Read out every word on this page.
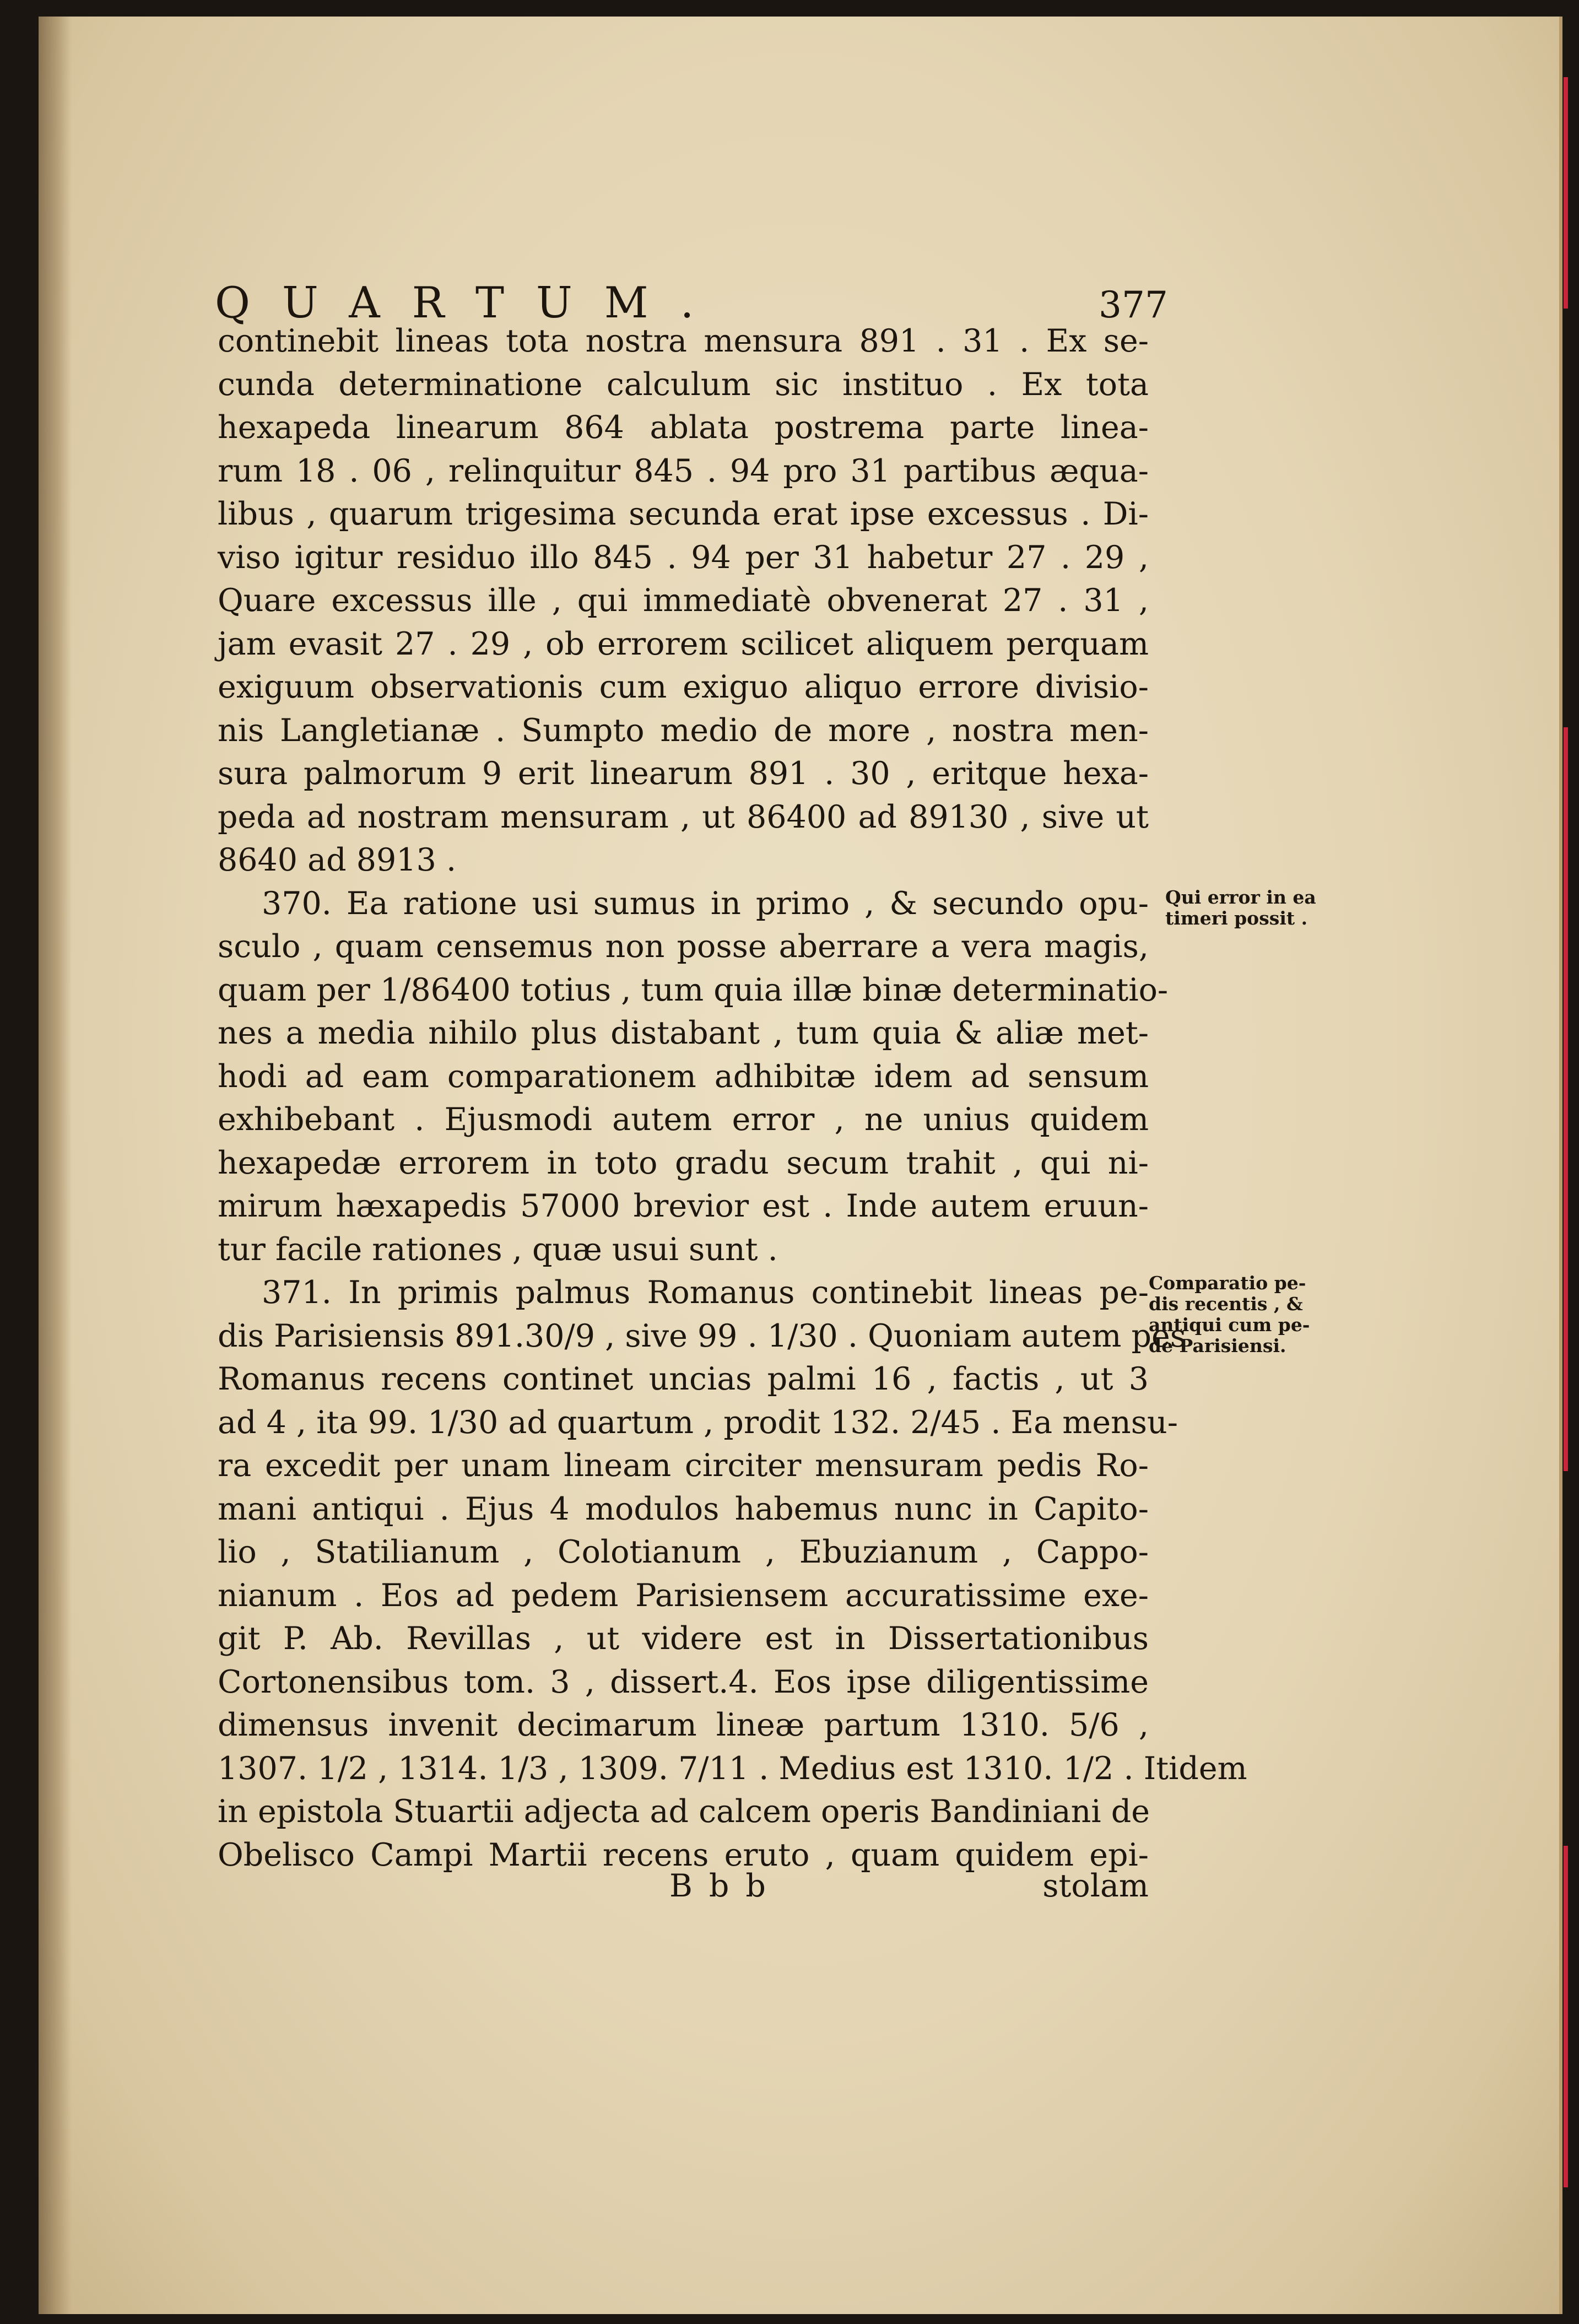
QUARTUM.	377
continebit lineas tota nostra mensura 891 . 31 . Ex se-
cunda determinatione calculum sic instituo . Ex tota
hexapeda linearum 864 ablata postrema parte linea-
rum 18 . 06 , relinquitur 845 . 94 pro 31 partibus æqua-
libus , quarum trigesima secunda erat ipse excessus . Di-
viso igitur residuo illo 845 . 94 per 31 habetur 27 . 29 ,
Quare excessus ille , qui immediatè obvenerat 27 . 31 ,
jam evasit 27 . 29 , ob errorem scilicet aliquem perquam
exiguum observationis cum exiguo aliquo errore divisio-
nis Langletianæ . Sumpto medio de more , nostra men-
sura palmorum 9 erit linearum 891 . 30 , eritque hexa-
peda ad nostram mensuram , ut 86400 ad 89130 , sive ut
8640 ad 8913 .
370. Ea ratione usi sumus in primo , & secundo opu-
sculo , quam censemus non posse aberrare a vera magis,
quam per 1/86400 totius , tum quia illæ binæ determinatio-
nes a media nihilo plus distabant , tum quia & aliæ met-
hodi ad eam comparationem adhibitæ idem ad sensum
exhibebant . Ejusmodi autem error , ne unius quidem
hexapedæ errorem in toto gradu secum trahit , qui ni-
mirum hæxapedis 57000 brevior est . Inde autem eruun-
tur facile rationes , quæ usui sunt .
371. In primis palmus Romanus continebit lineas pe-
dis Parisiensis 891.30/9 , sive 99 . 1/30 . Quoniam autem pes
Romanus recens continet uncias palmi 16 , factis , ut 3
ad 4 , ita 99. 1/30 ad quartum , prodit 132. 2/45 . Ea mensu-
ra excedit per unam lineam circiter mensuram pedis Ro-
mani antiqui . Ejus 4 modulos habemus nunc in Capito-
lio , Statilianum , Colotianum , Ebuzianum , Cappo-
nianum . Eos ad pedem Parisiensem accuratissime exe-
git P. Ab. Revillas , ut videre est in Dissertationibus
Cortonensibus tom. 3 , dissert.4. Eos ipse diligentissime
dimensus invenit decimarum lineæ partum 1310. 5/6 ,
1307. 1/2 , 1314. 1/3 , 1309. 7/11 . Medius est 1310. 1/2 . Itidem
in epistola Stuartii adjecta ad calcem operis Bandiniani de
Obelisco Campi Martii recens eruto , quam quidem epi-
Qui error in ea
timeri possit .
Comparatio pe-
dis recentis , &
antiqui cum pe-
de Parisiensi.
Bbb	stolam
